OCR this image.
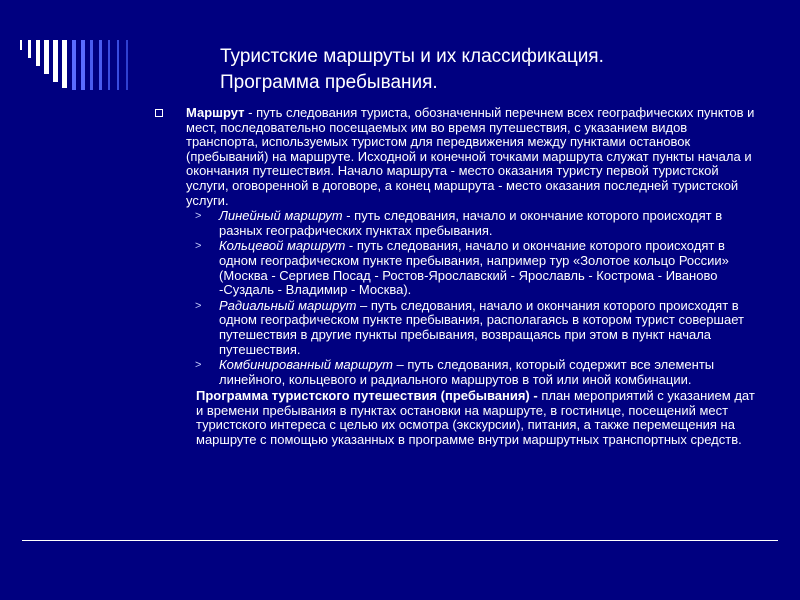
Туристские маршруты и их классификация.
Программа пребывания.
Маршрут - путь следования туриста, обозначенный перечнем всех географических пунктов и мест, последовательно посещаемых им во время путешествия, с указанием видов транспорта, используемых туристом для передвижения между пунктами остановок (пребываний) на маршруте. Исходной и конечной точками маршрута служат пункты начала и окончания путешествия. Начало маршрута - место оказания туристу первой туристской услуги, оговоренной в договоре, а конец маршрута - место оказания последней туристской услуги.
> Линейный маршрут - путь следования, начало и окончание которого происходят в разных географических пунктах пребывания.
> Кольцевой маршрут - путь следования, начало и окончание которого происходят в одном географическом пункте пребывания, например тур «Золотое кольцо России» (Москва - Сергиев Посад - Ростов-Ярославский - Ярославль - Кострома - Иваново -Суздаль - Владимир - Москва).
> Радиальный маршрут – путь следования, начало и окончания которого происходят в одном географическом пункте пребывания, располагаясь в котором турист совершает путешествия в другие пункты пребывания, возвращаясь при этом в пункт начала путешествия.
> Комбинированный маршрут – путь следования, который содержит все элементы линейного, кольцевого и радиального маршрутов в той или иной комбинации.
Программа туристского путешествия (пребывания) - план мероприятий с указанием дат и времени пребывания в пунктах остановки на маршруте, в гостинице, посещений мест туристского интереса с целью их осмотра (экскурсии), питания, а также перемещения на маршруте с помощью указанных в программе внутри маршрутных транспортных средств.
